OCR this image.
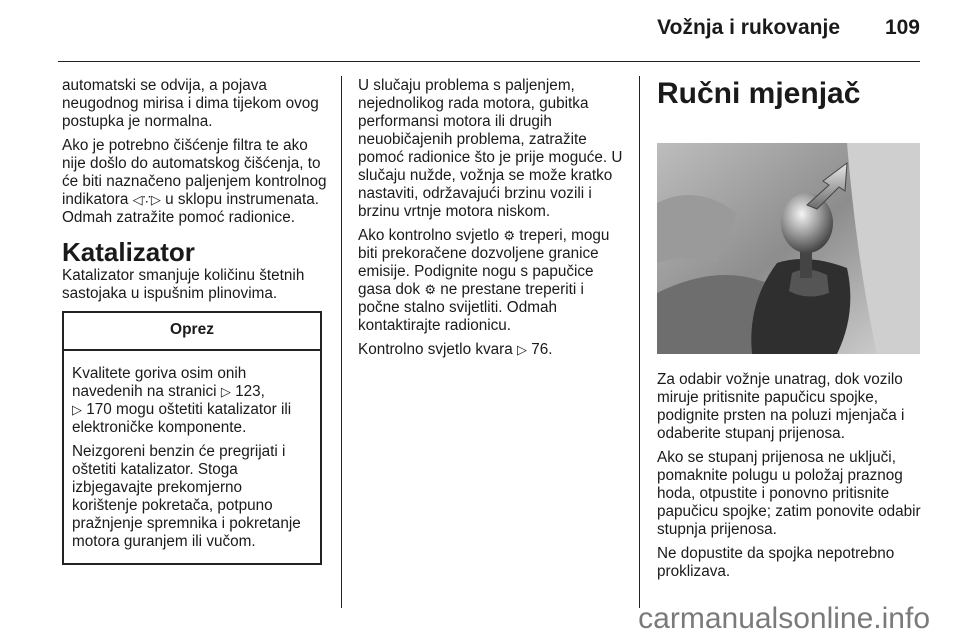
Vožnja i rukovanje 109

automatski se odvija, a pojava neugodnog mirisa i dima tijekom ovog postupka je normalna.

Ako je potrebno čišćenje filtra te ako nije došlo do automatskog čišćenja, to će biti naznačeno paljenjem kontrolnog indikatora ◁∵▷ u sklopu instrumenata. Odmah zatražite pomoć radionice.

Katalizator

Katalizator smanjuje količinu štetnih sastojaka u ispušnim plinovima.

Oprez

Kvalitete goriva osim onih navedenih na stranici ▷ 123,
▷ 170 mogu oštetiti katalizator ili elektroničke komponente.

Neizgoreni benzin će pregrijati i oštetiti katalizator. Stoga izbjegavajte prekomjerno korištenje pokretača, potpuno pražnjenje spremnika i pokretanje motora guranjem ili vučom.

U slučaju problema s paljenjem, nejednolikog rada motora, gubitka performansi motora ili drugih neuobičajenih problema, zatražite pomoć radionice što je prije moguće. U slučaju nužde, vožnja se može kratko nastaviti, održavajući brzinu vozili i brzinu vrtnje motora niskom.

Ako kontrolno svjetlo ⚙ treperi, mogu biti prekoračene dozvoljene granice emisije. Podignite nogu s papučice gasa dok ⚙ ne prestane treperiti i počne stalno svijetliti. Odmah kontaktirajte radionicu.

Kontrolno svjetlo kvara ▷ 76.

Ručni mjenjač

Za odabir vožnje unatrag, dok vozilo miruje pritisnite papučicu spojke, podignite prsten na poluzi mjenjača i odaberite stupanj prijenosa.

Ako se stupanj prijenosa ne uključi, pomaknite polugu u položaj praznog hoda, otpustite i ponovno pritisnite papučicu spojke; zatim ponovite odabir stupnja prijenosa.

Ne dopustite da spojka nepotrebno proklizava.

carmanualsonline.info
